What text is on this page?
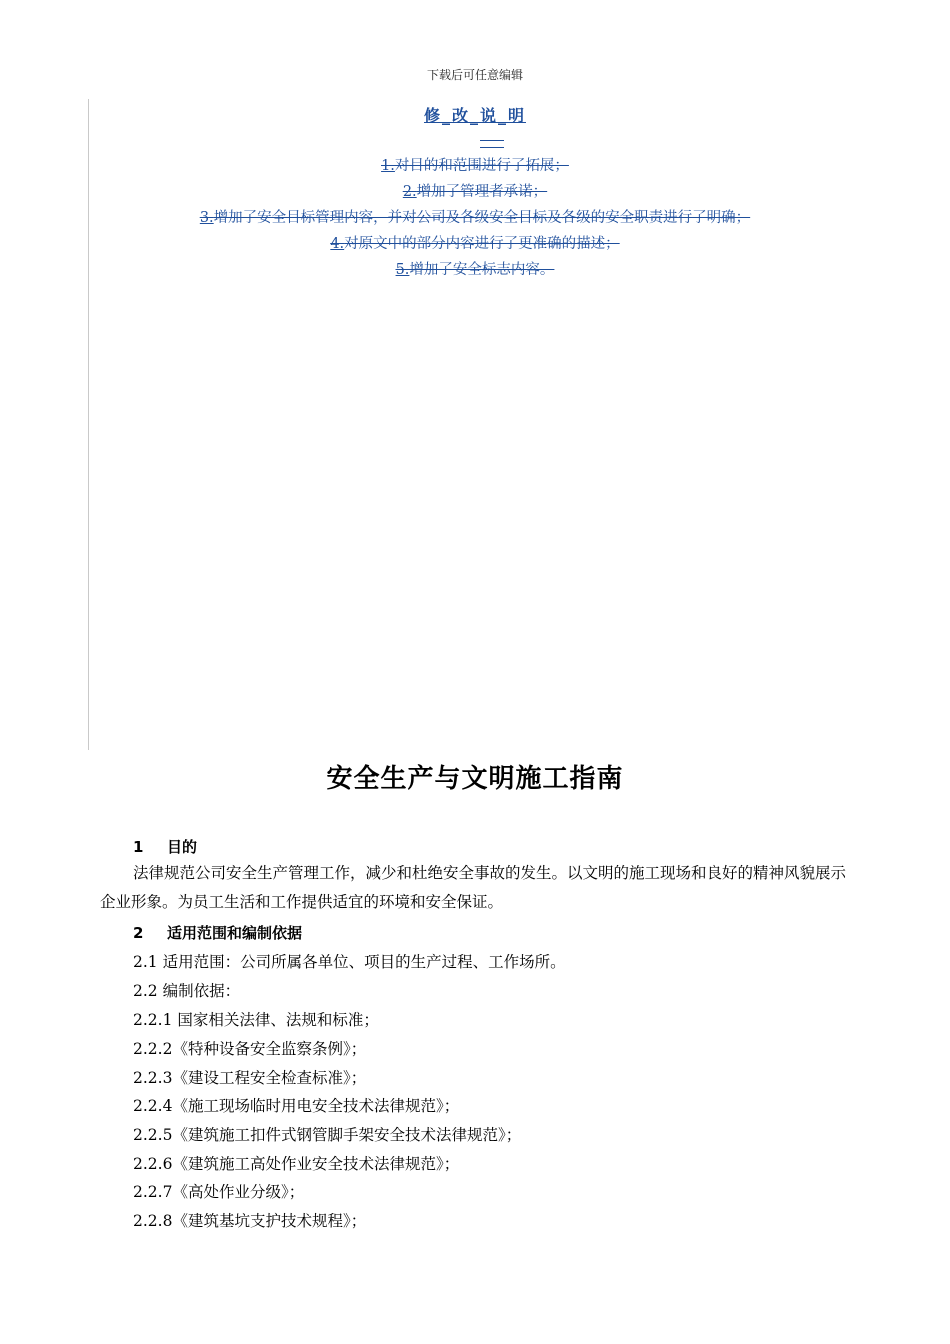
下载后可任意编辑
修_改_说_明
1.对目的和范围进行了拓展；
2.增加了管理者承诺；
3.增加了安全目标管理内容，并对公司及各级安全目标及各级的安全职责进行了明确；
4.对原文中的部分内容进行了更准确的描述；
5.增加了安全标志内容。
安全生产与文明施工指南
1 目的
法律规范公司安全生产管理工作，减少和杜绝安全事故的发生。以文明的施工现场和良好的精神风貌展示企业形象。为员工生活和工作提供适宜的环境和安全保证。
2 适用范围和编制依据
2.1 适用范围：公司所属各单位、项目的生产过程、工作场所。
2.2 编制依据：
2.2.1 国家相关法律、法规和标准；
2.2.2《特种设备安全监察条例》；
2.2.3《建设工程安全检查标准》；
2.2.4《施工现场临时用电安全技术法律规范》；
2.2.5《建筑施工扣件式钢管脚手架安全技术法律规范》；
2.2.6《建筑施工高处作业安全技术法律规范》；
2.2.7《高处作业分级》；
2.2.8《建筑基坑支护技术规程》；
